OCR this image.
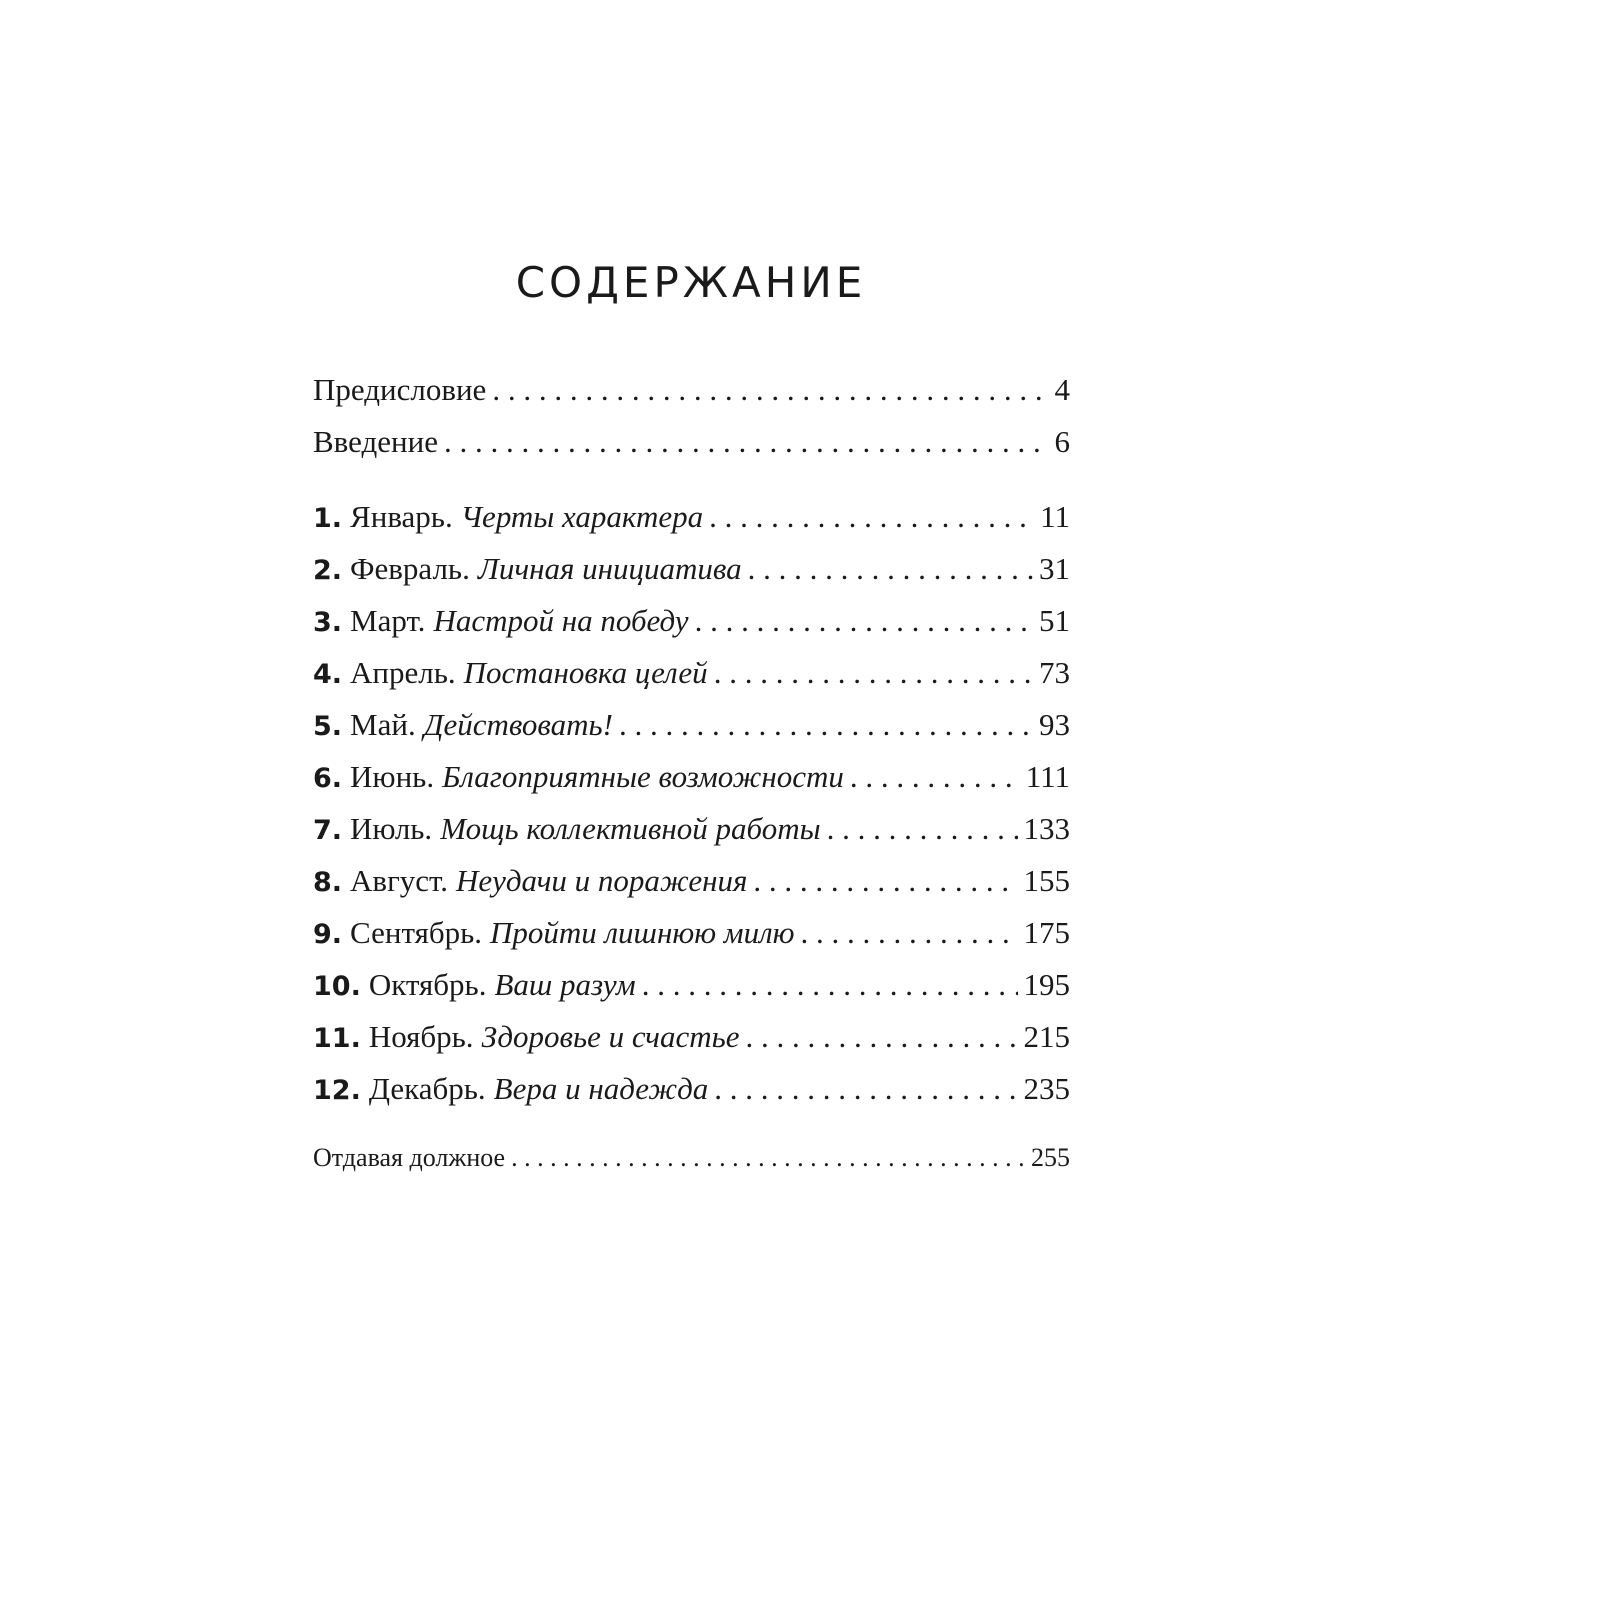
СОДЕРЖАНИЕ
Предисловие . . .	4
Введение . . .	6
1. Январь. Черты характера . . .	11
2. Февраль. Личная инициатива . . .	31
3. Март. Настрой на победу . . .	51
4. Апрель. Постановка целей . . .	73
5. Май. Действовать! . . .	93
6. Июнь. Благоприятные возможности . . .	111
7. Июль. Мощь коллективной работы . . .	133
8. Август. Неудачи и поражения . . .	155
9. Сентябрь. Пройти лишнюю милю . . .	175
10. Октябрь. Ваш разум . . .	195
11. Ноябрь. Здоровье и счастье . . .	215
12. Декабрь. Вера и надежда . . .	235
Отдавая должное . . .	255
